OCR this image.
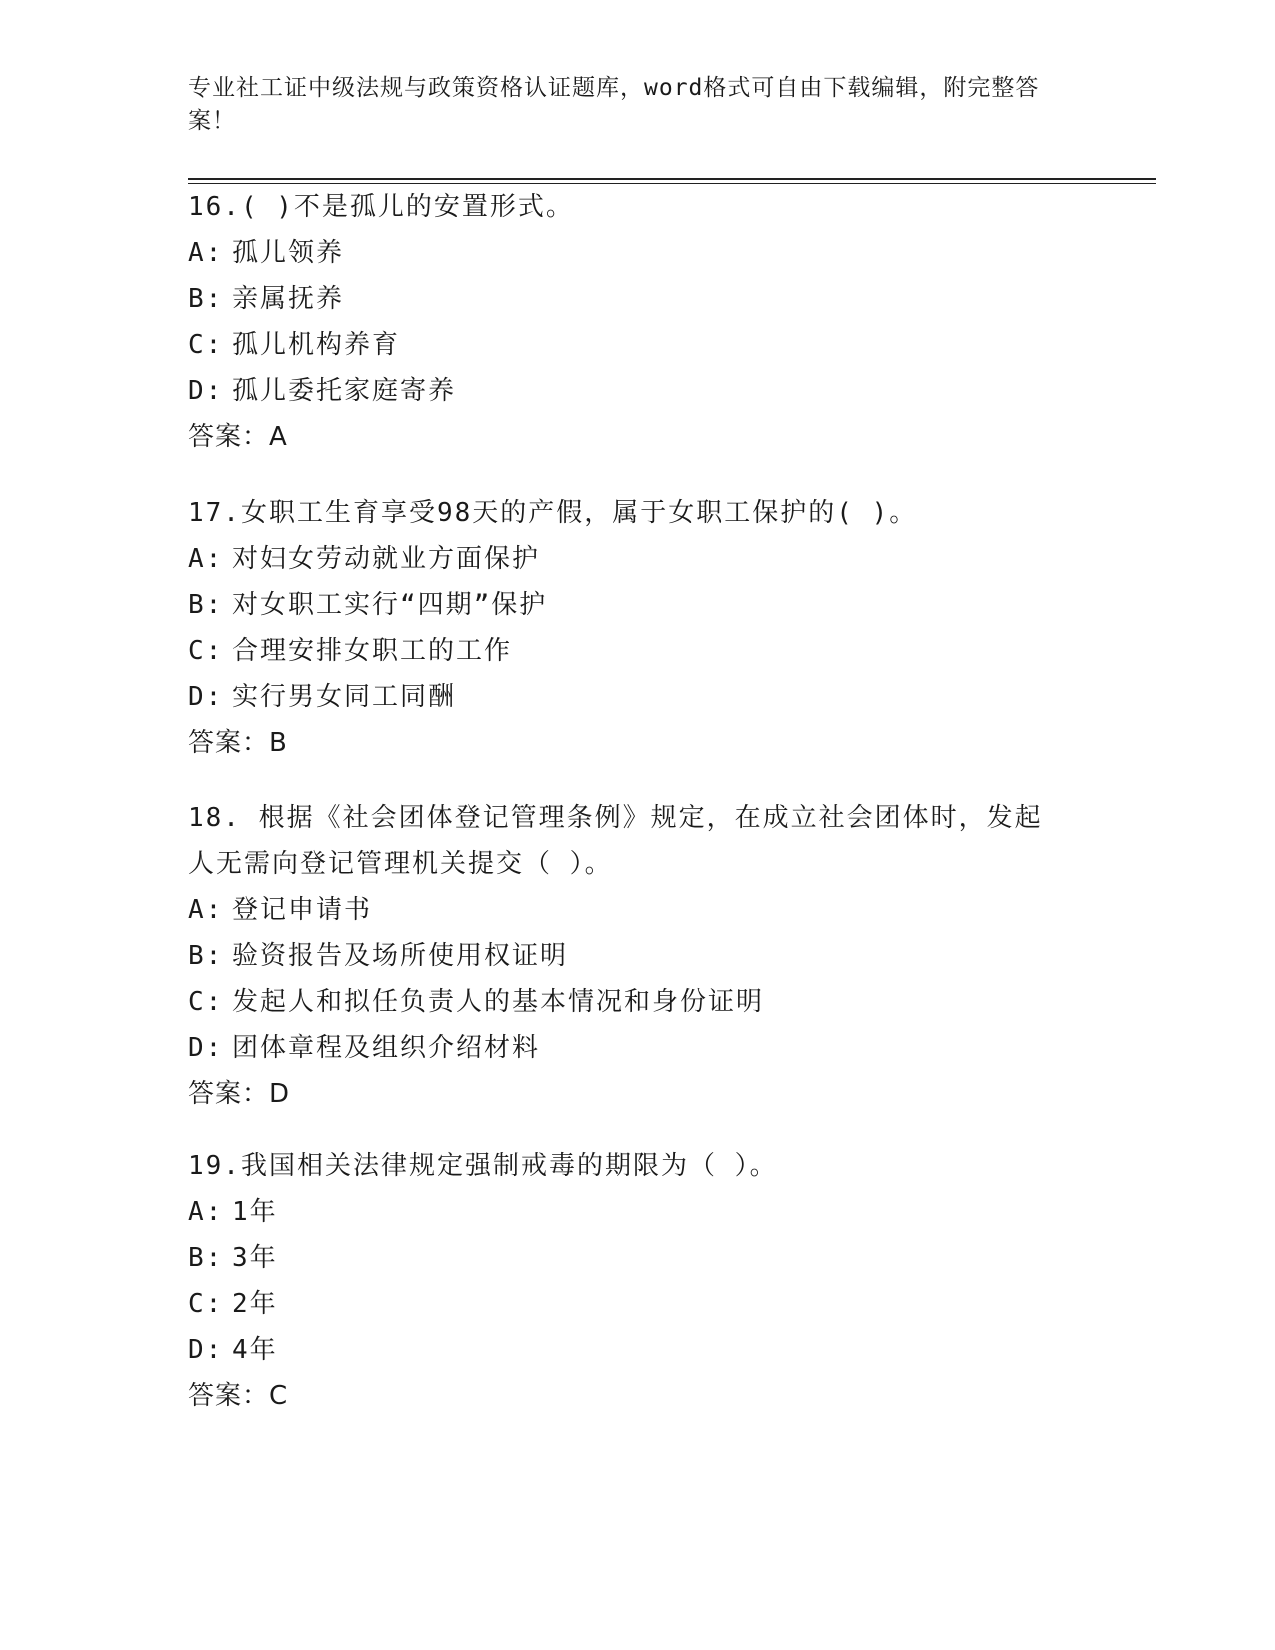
专业社工证中级法规与政策资格认证题库，word格式可自由下载编辑，附完整答案！

16.( )不是孤儿的安置形式。

A: 孤儿领养

B: 亲属抚养

C: 孤儿机构养育

D: 孤儿委托家庭寄养

答案：A

17.女职工生育享受98天的产假，属于女职工保护的( )。

A: 对妇女劳动就业方面保护

B: 对女职工实行“四期”保护

C: 合理安排女职工的工作

D: 实行男女同工同酬

答案：B

18. 根据《社会团体登记管理条例》规定，在成立社会团体时，发起人无需向登记管理机关提交（ ）。

A: 登记申请书

B: 验资报告及场所使用权证明

C: 发起人和拟任负责人的基本情况和身份证明

D: 团体章程及组织介绍材料

答案：D

19.我国相关法律规定强制戒毒的期限为（ ）。

A: 1年

B: 3年

C: 2年

D: 4年

答案：C
